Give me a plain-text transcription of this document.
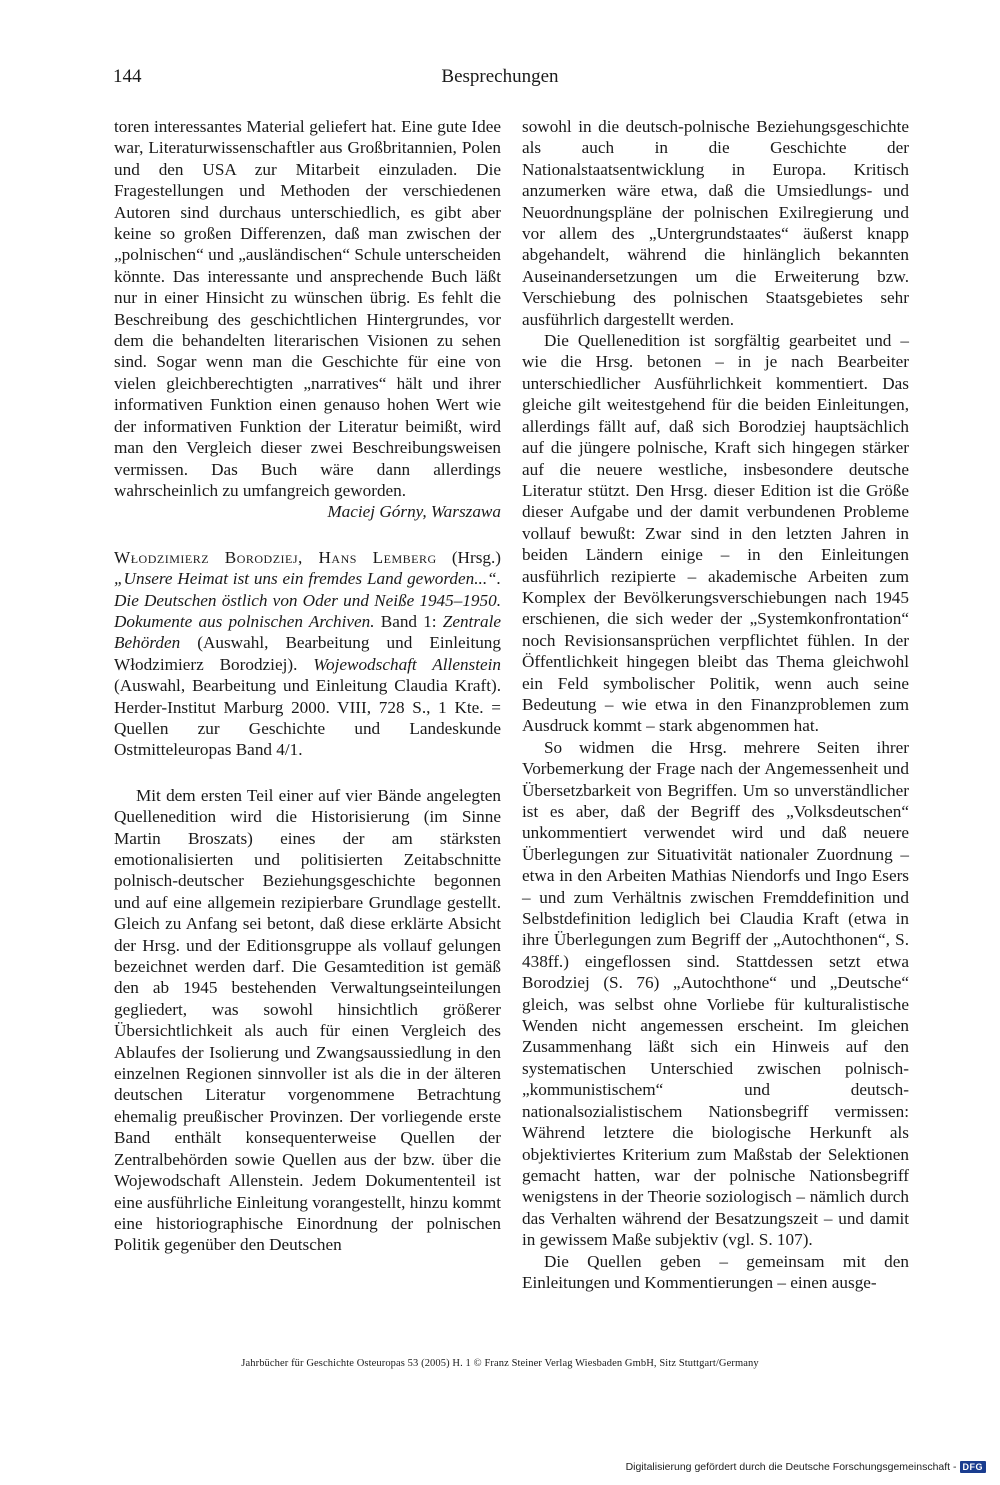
144	Besprechungen

toren interessantes Material geliefert hat. Eine gute Idee war, Literaturwissenschaftler aus Großbritannien, Polen und den USA zur Mitarbeit einzuladen. Die Fragestellungen und Methoden der verschiedenen Autoren sind durchaus unterschiedlich, es gibt aber keine so großen Differenzen, daß man zwischen der „polnischen“ und „ausländischen“ Schule unterscheiden könnte. Das interessante und ansprechende Buch läßt nur in einer Hinsicht zu wünschen übrig. Es fehlt die Beschreibung des geschichtlichen Hintergrundes, vor dem die behandelten literarischen Visionen zu sehen sind. Sogar wenn man die Geschichte für eine von vielen gleichberechtigten „narratives“ hält und ihrer informativen Funktion einen genauso hohen Wert wie der informativen Funktion der Literatur beimißt, wird man den Vergleich dieser zwei Beschreibungsweisen vermissen. Das Buch wäre dann allerdings wahrscheinlich zu umfangreich geworden.

Maciej Górny, Warszawa

Włodzimierz Borodziej, Hans Lemberg (Hrsg.) „Unsere Heimat ist uns ein fremdes Land geworden...“. Die Deutschen östlich von Oder und Neiße 1945–1950. Dokumente aus polnischen Archiven. Band 1: Zentrale Behörden (Auswahl, Bearbeitung und Einleitung Włodzimierz Borodziej). Wojewodschaft Allenstein (Auswahl, Bearbeitung und Einleitung Claudia Kraft). Herder-Institut Marburg 2000. VIII, 728 S., 1 Kte. = Quellen zur Geschichte und Landeskunde Ostmitteleuropas Band 4/1.

Mit dem ersten Teil einer auf vier Bände angelegten Quellenedition wird die Historisierung (im Sinne Martin Broszats) eines der am stärksten emotionalisierten und politisierten Zeitabschnitte polnisch-deutscher Beziehungsgeschichte begonnen und auf eine allgemein rezipierbare Grundlage gestellt. Gleich zu Anfang sei betont, daß diese erklärte Absicht der Hrsg. und der Editionsgruppe als vollauf gelungen bezeichnet werden darf. Die Gesamtedition ist gemäß den ab 1945 bestehenden Verwaltungseinteilungen gegliedert, was sowohl hinsichtlich größerer Übersichtlichkeit als auch für einen Vergleich des Ablaufes der Isolierung und Zwangsaussiedlung in den einzelnen Regionen sinnvoller ist als die in der älteren deutschen Literatur vorgenommene Betrachtung ehemalig preußischer Provinzen. Der vorliegende erste Band enthält konsequenterweise Quellen der Zentralbehörden sowie Quellen aus der bzw. über die Wojewodschaft Allenstein. Jedem Dokumententeil ist eine ausführliche Einleitung vorangestellt, hinzu kommt eine historiographische Einordnung der polnischen Politik gegenüber den Deutschen

sowohl in die deutsch-polnische Beziehungsgeschichte als auch in die Geschichte der Nationalstaatsentwicklung in Europa. Kritisch anzumerken wäre etwa, daß die Umsiedlungs- und Neuordnungspläne der polnischen Exilregierung und vor allem des „Untergrundstaates“ äußerst knapp abgehandelt, während die hinlänglich bekannten Auseinandersetzungen um die Erweiterung bzw. Verschiebung des polnischen Staatsgebietes sehr ausführlich dargestellt werden.

Die Quellenedition ist sorgfältig gearbeitet und – wie die Hrsg. betonen – in je nach Bearbeiter unterschiedlicher Ausführlichkeit kommentiert. Das gleiche gilt weitestgehend für die beiden Einleitungen, allerdings fällt auf, daß sich Borodziej hauptsächlich auf die jüngere polnische, Kraft sich hingegen stärker auf die neuere westliche, insbesondere deutsche Literatur stützt. Den Hrsg. dieser Edition ist die Größe dieser Aufgabe und der damit verbundenen Probleme vollauf bewußt: Zwar sind in den letzten Jahren in beiden Ländern einige – in den Einleitungen ausführlich rezipierte – akademische Arbeiten zum Komplex der Bevölkerungsverschiebungen nach 1945 erschienen, die sich weder der „Systemkonfrontation“ noch Revisionsansprüchen verpflichtet fühlen. In der Öffentlichkeit hingegen bleibt das Thema gleichwohl ein Feld symbolischer Politik, wenn auch seine Bedeutung – wie etwa in den Finanzproblemen zum Ausdruck kommt – stark abgenommen hat.

So widmen die Hrsg. mehrere Seiten ihrer Vorbemerkung der Frage nach der Angemessenheit und Übersetzbarkeit von Begriffen. Um so unverständlicher ist es aber, daß der Begriff des „Volksdeutschen“ unkommentiert verwendet wird und daß neuere Überlegungen zur Situativität nationaler Zuordnung – etwa in den Arbeiten Mathias Niendorfs und Ingo Esers – und zum Verhältnis zwischen Fremddefinition und Selbstdefinition lediglich bei Claudia Kraft (etwa in ihre Überlegungen zum Begriff der „Autochthonen“, S. 438ff.) eingeflossen sind. Stattdessen setzt etwa Borodziej (S. 76) „Autochthone“ und „Deutsche“ gleich, was selbst ohne Vorliebe für kulturalistische Wenden nicht angemessen erscheint. Im gleichen Zusammenhang läßt sich ein Hinweis auf den systematischen Unterschied zwischen polnisch-„kommunistischem“ und deutsch-nationalsozialistischem Nationsbegriff vermissen: Während letztere die biologische Herkunft als objektiviertes Kriterium zum Maßstab der Selektionen gemacht hatten, war der polnische Nationsbegriff wenigstens in der Theorie soziologisch – nämlich durch das Verhalten während der Besatzungszeit – und damit in gewissem Maße subjektiv (vgl. S. 107).

Die Quellen geben – gemeinsam mit den Einleitungen und Kommentierungen – einen ausge-

Jahrbücher für Geschichte Osteuropas 53 (2005) H. 1 © Franz Steiner Verlag Wiesbaden GmbH, Sitz Stuttgart/Germany
Digitalisierung gefördert durch die Deutsche Forschungsgemeinschaft - DFG
